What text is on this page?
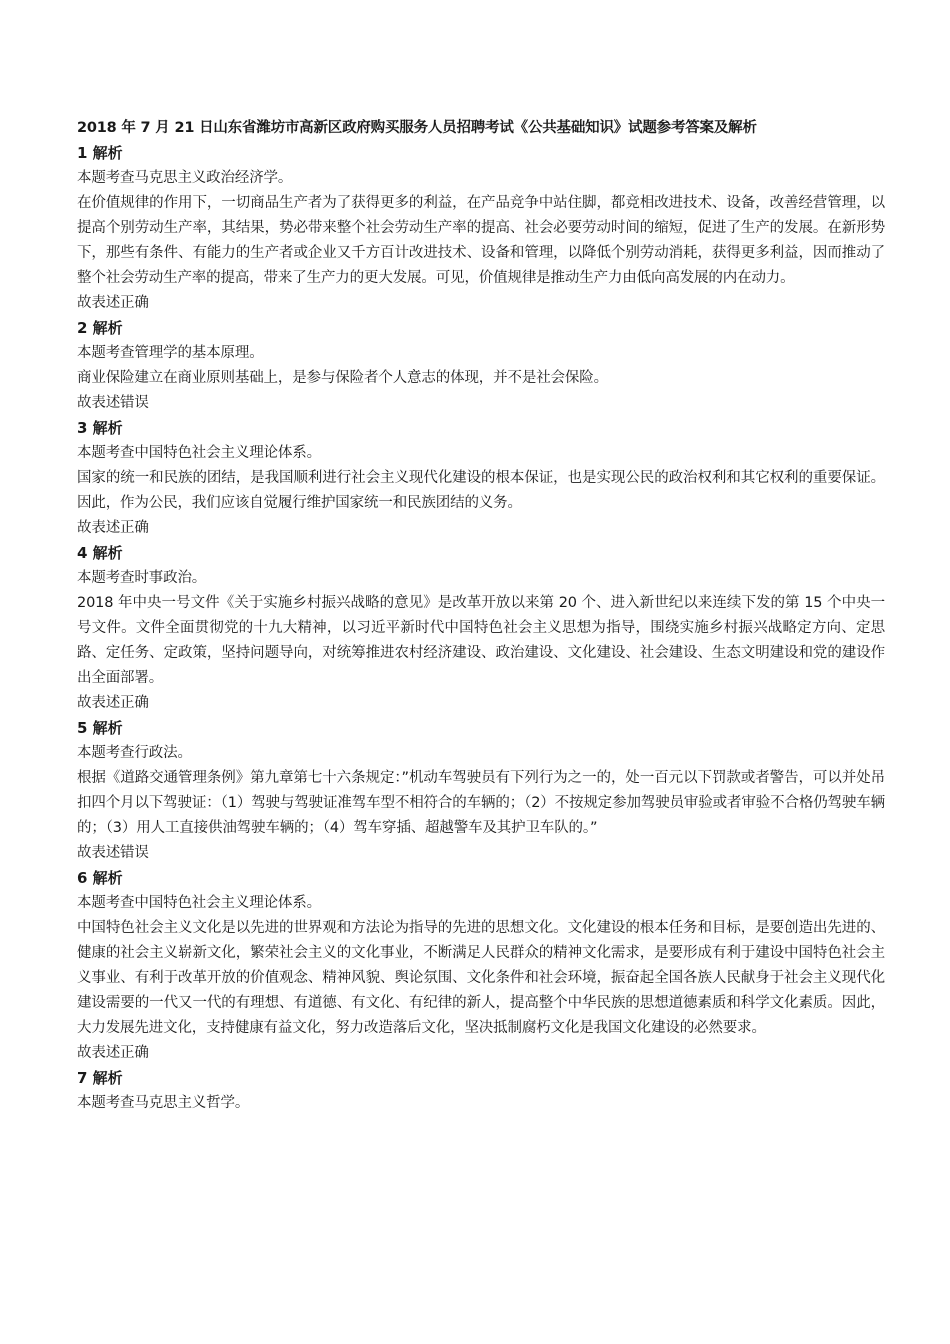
2018 年 7 月 21 日山东省潍坊市高新区政府购买服务人员招聘考试《公共基础知识》试题参考答案及解析
1 解析

本题考查马克思主义政治经济学。

在价值规律的作用下，一切商品生产者为了获得更多的利益，在产品竞争中站住脚，都竞相改进技术、设备，改善经营管理，以提高个别劳动生产率，其结果，势必带来整个社会劳动生产率的提高、社会必要劳动时间的缩短，促进了生产的发展。在新形势下，那些有条件、有能力的生产者或企业又千方百计改进技术、设备和管理，以降低个别劳动消耗，获得更多利益，因而推动了整个社会劳动生产率的提高，带来了生产力的更大发展。可见，价值规律是推动生产力由低向高发展的内在动力。

故表述正确

2 解析

本题考查管理学的基本原理。

商业保险建立在商业原则基础上，是参与保险者个人意志的体现，并不是社会保险。

故表述错误

3 解析

本题考查中国特色社会主义理论体系。

国家的统一和民族的团结，是我国顺利进行社会主义现代化建设的根本保证，也是实现公民的政治权利和其它权利的重要保证。因此，作为公民，我们应该自觉履行维护国家统一和民族团结的义务。

故表述正确

4 解析

本题考查时事政治。

2018 年中央一号文件《关于实施乡村振兴战略的意见》是改革开放以来第 20 个、进入新世纪以来连续下发的第 15 个中央一号文件。文件全面贯彻党的十九大精神，以习近平新时代中国特色社会主义思想为指导，围绕实施乡村振兴战略定方向、定思路、定任务、定政策，坚持问题导向，对统筹推进农村经济建设、政治建设、文化建设、社会建设、生态文明建设和党的建设作出全面部署。

故表述正确

5 解析

本题考查行政法。

根据《道路交通管理条例》第九章第七十六条规定：”机动车驾驶员有下列行为之一的，处一百元以下罚款或者警告，可以并处吊扣四个月以下驾驶证：（1）驾驶与驾驶证准驾车型不相符合的车辆的；（2）不按规定参加驾驶员审验或者审验不合格仍驾驶车辆的；（3）用人工直接供油驾驶车辆的；（4）驾车穿插、超越警车及其护卫车队的。”

故表述错误

6 解析

本题考查中国特色社会主义理论体系。

中国特色社会主义文化是以先进的世界观和方法论为指导的先进的思想文化。文化建设的根本任务和目标，是要创造出先进的、健康的社会主义崭新文化，繁荣社会主义的文化事业，不断满足人民群众的精神文化需求，是要形成有利于建设中国特色社会主义事业、有利于改革开放的价值观念、精神风貌、舆论氛围、文化条件和社会环境，振奋起全国各族人民献身于社会主义现代化建设需要的一代又一代的有理想、有道德、有文化、有纪律的新人，提高整个中华民族的思想道德素质和科学文化素质。因此，大力发展先进文化，支持健康有益文化，努力改造落后文化，坚决抵制腐朽文化是我国文化建设的必然要求。

故表述正确

7 解析

本题考查马克思主义哲学。
